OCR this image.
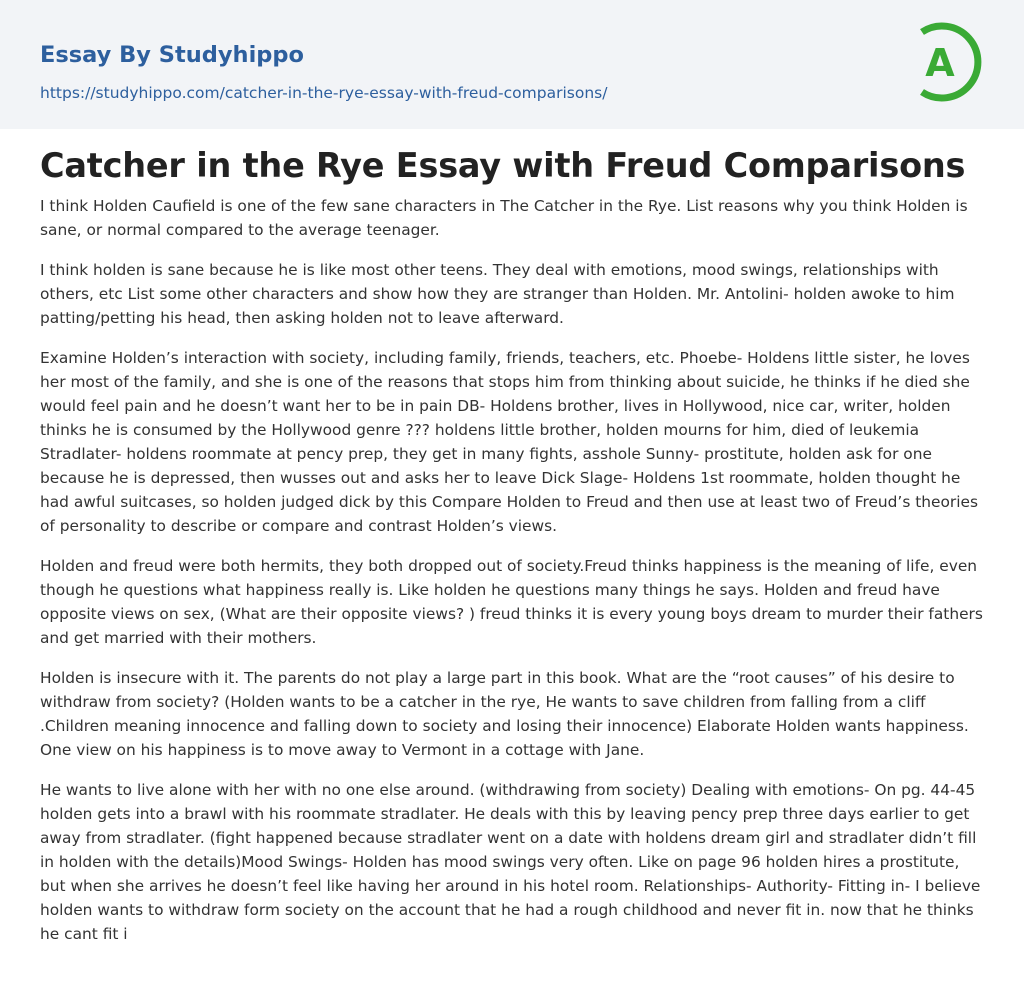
Essay By Studyhippo
https://studyhippo.com/catcher-in-the-rye-essay-with-freud-comparisons/
A
Catcher in the Rye Essay with Freud Comparisons

I think Holden Caufield is one of the few sane characters in The Catcher in the Rye. List reasons why you think Holden is sane, or normal compared to the average teenager.

I think holden is sane because he is like most other teens. They deal with emotions, mood swings, relationships with others, etc List some other characters and show how they are stranger than Holden. Mr. Antolini- holden awoke to him patting/petting his head, then asking holden not to leave afterward.

Examine Holden’s interaction with society, including family, friends, teachers, etc. Phoebe- Holdens little sister, he loves her most of the family, and she is one of the reasons that stops him from thinking about suicide, he thinks if he died she would feel pain and he doesn’t want her to be in pain DB- Holdens brother, lives in Hollywood, nice car, writer, holden thinks he is consumed by the Hollywood genre ??? holdens little brother, holden mourns for him, died of leukemia Stradlater- holdens roommate at pency prep, they get in many fights, asshole Sunny- prostitute, holden ask for one because he is depressed, then wusses out and asks her to leave Dick Slage- Holdens 1st roommate, holden thought he had awful suitcases, so holden judged dick by this Compare Holden to Freud and then use at least two of Freud’s theories of personality to describe or compare and contrast Holden’s views.

Holden and freud were both hermits, they both dropped out of society.Freud thinks happiness is the meaning of life, even though he questions what happiness really is. Like holden he questions many things he says. Holden and freud have opposite views on sex, (What are their opposite views? ) freud thinks it is every young boys dream to murder their fathers and get married with their mothers.

Holden is insecure with it. The parents do not play a large part in this book. What are the “root causes” of his desire to withdraw from society? (Holden wants to be a catcher in the rye, He wants to save children from falling from a cliff .Children meaning innocence and falling down to society and losing their innocence) Elaborate Holden wants happiness. One view on his happiness is to move away to Vermont in a cottage with Jane.

He wants to live alone with her with no one else around. (withdrawing from society) Dealing with emotions- On pg. 44-45 holden gets into a brawl with his roommate stradlater. He deals with this by leaving pency prep three days earlier to get away from stradlater. (fight happened because stradlater went on a date with holdens dream girl and stradlater didn’t fill in holden with the details)Mood Swings- Holden has mood swings very often. Like on page 96 holden hires a prostitute, but when she arrives he doesn’t feel like having her around in his hotel room. Relationships- Authority- Fitting in- I believe holden wants to withdraw form society on the account that he had a rough childhood and never fit in. now that he thinks he cant fit i
